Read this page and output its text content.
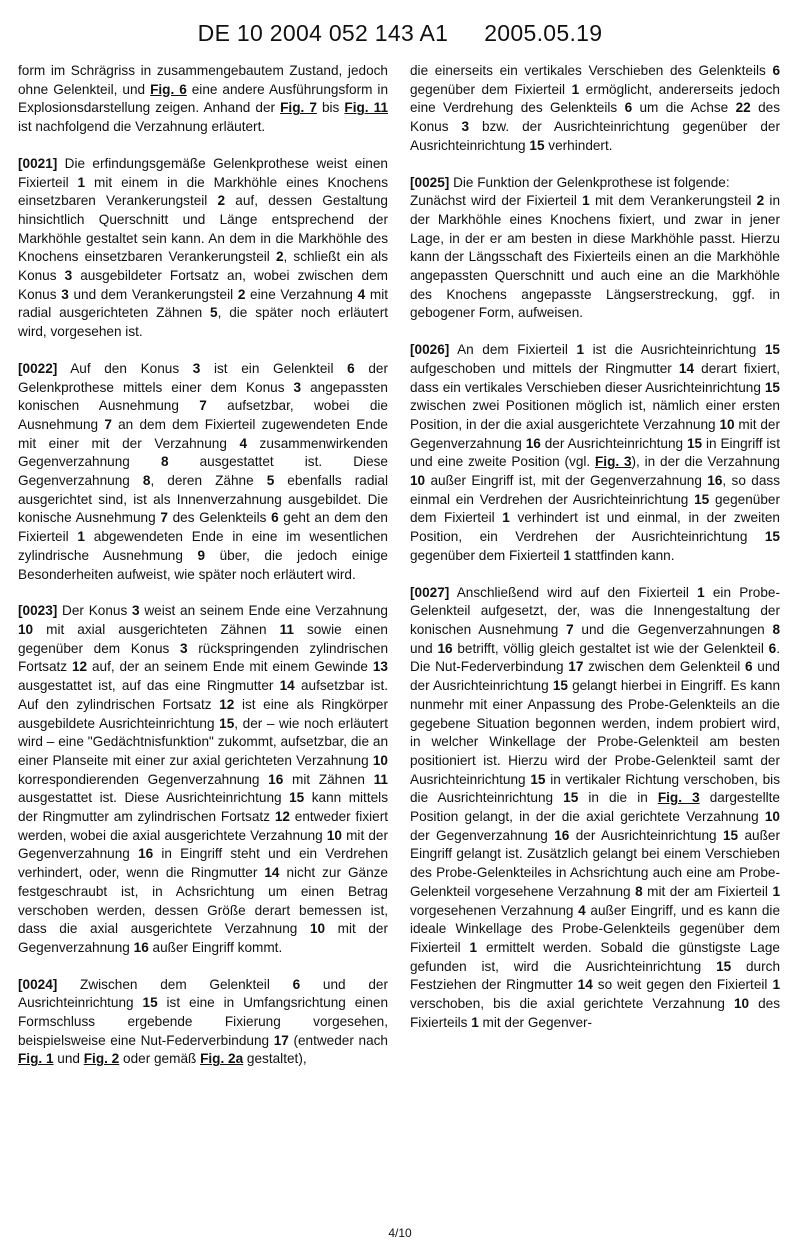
DE 10 2004 052 143 A1 2005.05.19

form im Schrägriss in zusammengebautem Zustand, jedoch ohne Gelenkteil, und Fig. 6 eine andere Ausführungsform in Explosionsdarstellung zeigen. Anhand der Fig. 7 bis Fig. 11 ist nachfolgend die Verzahnung erläutert.

[0021] Die erfindungsgemäße Gelenkprothese weist einen Fixierteil 1 mit einem in die Markhöhle eines Knochens einsetzbaren Verankerungsteil 2 auf, dessen Gestaltung hinsichtlich Querschnitt und Länge entsprechend der Markhöhle gestaltet sein kann. An dem in die Markhöhle des Knochens einsetzbaren Verankerungsteil 2, schließt ein als Konus 3 ausgebildeter Fortsatz an, wobei zwischen dem Konus 3 und dem Verankerungsteil 2 eine Verzahnung 4 mit radial ausgerichteten Zähnen 5, die später noch erläutert wird, vorgesehen ist.

[0022] Auf den Konus 3 ist ein Gelenkteil 6 der Gelenkprothese mittels einer dem Konus 3 angepassten konischen Ausnehmung 7 aufsetzbar, wobei die Ausnehmung 7 an dem dem Fixierteil zugewendeten Ende mit einer mit der Verzahnung 4 zusammenwirkenden Gegenverzahnung 8 ausgestattet ist. Diese Gegenverzahnung 8, deren Zähne 5 ebenfalls radial ausgerichtet sind, ist als Innenverzahnung ausgebildet. Die konische Ausnehmung 7 des Gelenkteils 6 geht an dem den Fixierteil 1 abgewendeten Ende in eine im wesentlichen zylindrische Ausnehmung 9 über, die jedoch einige Besonderheiten aufweist, wie später noch erläutert wird.

[0023] Der Konus 3 weist an seinem Ende eine Verzahnung 10 mit axial ausgerichteten Zähnen 11 sowie einen gegenüber dem Konus 3 rückspringenden zylindrischen Fortsatz 12 auf, der an seinem Ende mit einem Gewinde 13 ausgestattet ist, auf das eine Ringmutter 14 aufsetzbar ist. Auf den zylindrischen Fortsatz 12 ist eine als Ringkörper ausgebildete Ausrichteinrichtung 15, der – wie noch erläutert wird – eine "Gedächtnisfunktion" zukommt, aufsetzbar, die an einer Planseite mit einer zur axial gerichteten Verzahnung 10 korrespondierenden Gegenverzahnung 16 mit Zähnen 11 ausgestattet ist. Diese Ausrichteinrichtung 15 kann mittels der Ringmutter am zylindrischen Fortsatz 12 entweder fixiert werden, wobei die axial ausgerichtete Verzahnung 10 mit der Gegenverzahnung 16 in Eingriff steht und ein Verdrehen verhindert, oder, wenn die Ringmutter 14 nicht zur Gänze festgeschraubt ist, in Achsrichtung um einen Betrag verschoben werden, dessen Größe derart bemessen ist, dass die axial ausgerichtete Verzahnung 10 mit der Gegenverzahnung 16 außer Eingriff kommt.

[0024] Zwischen dem Gelenkteil 6 und der Ausrichteinrichtung 15 ist eine in Umfangsrichtung einen Formschluss ergebende Fixierung vorgesehen, beispielsweise eine Nut-Federverbindung 17 (entweder nach Fig. 1 und Fig. 2 oder gemäß Fig. 2a gestaltet),

die einerseits ein vertikales Verschieben des Gelenkteils 6 gegenüber dem Fixierteil 1 ermöglicht, andererseits jedoch eine Verdrehung des Gelenkteils 6 um die Achse 22 des Konus 3 bzw. der Ausrichteinrichtung gegenüber der Ausrichteinrichtung 15 verhindert.

[0025] Die Funktion der Gelenkprothese ist folgende:
Zunächst wird der Fixierteil 1 mit dem Verankerungsteil 2 in der Markhöhle eines Knochens fixiert, und zwar in jener Lage, in der er am besten in diese Markhöhle passt. Hierzu kann der Längsschaft des Fixierteils einen an die Markhöhle angepassten Querschnitt und auch eine an die Markhöhle des Knochens angepasste Längserstreckung, ggf. in gebogener Form, aufweisen.

[0026] An dem Fixierteil 1 ist die Ausrichteinrichtung 15 aufgeschoben und mittels der Ringmutter 14 derart fixiert, dass ein vertikales Verschieben dieser Ausrichteinrichtung 15 zwischen zwei Positionen möglich ist, nämlich einer ersten Position, in der die axial ausgerichtete Verzahnung 10 mit der Gegenverzahnung 16 der Ausrichteinrichtung 15 in Eingriff ist und eine zweite Position (vgl. Fig. 3), in der die Verzahnung 10 außer Eingriff ist, mit der Gegenverzahnung 16, so dass einmal ein Verdrehen der Ausrichteinrichtung 15 gegenüber dem Fixierteil 1 verhindert ist und einmal, in der zweiten Position, ein Verdrehen der Ausrichteinrichtung 15 gegenüber dem Fixierteil 1 stattfinden kann.

[0027] Anschließend wird auf den Fixierteil 1 ein Probe-Gelenkteil aufgesetzt, der, was die Innengestaltung der konischen Ausnehmung 7 und die Gegenverzahnungen 8 und 16 betrifft, völlig gleich gestaltet ist wie der Gelenkteil 6. Die Nut-Federverbindung 17 zwischen dem Gelenkteil 6 und der Ausrichteinrichtung 15 gelangt hierbei in Eingriff. Es kann nunmehr mit einer Anpassung des Probe-Gelenkteils an die gegebene Situation begonnen werden, indem probiert wird, in welcher Winkellage der Probe-Gelenkteil am besten positioniert ist. Hierzu wird der Probe-Gelenkteil samt der Ausrichteinrichtung 15 in vertikaler Richtung verschoben, bis die Ausrichteinrichtung 15 in die in Fig. 3 dargestellte Position gelangt, in der die axial gerichtete Verzahnung 10 der Gegenverzahnung 16 der Ausrichteinrichtung 15 außer Eingriff gelangt ist. Zusätzlich gelangt bei einem Verschieben des Probe-Gelenkteiles in Achsrichtung auch eine am Probe-Gelenkteil vorgesehene Verzahnung 8 mit der am Fixierteil 1 vorgesehenen Verzahnung 4 außer Eingriff, und es kann die ideale Winkellage des Probe-Gelenkteils gegenüber dem Fixierteil 1 ermittelt werden. Sobald die günstigste Lage gefunden ist, wird die Ausrichteinrichtung 15 durch Festziehen der Ringmutter 14 so weit gegen den Fixierteil 1 verschoben, bis die axial gerichtete Verzahnung 10 des Fixierteils 1 mit der Gegenver-

4/10
